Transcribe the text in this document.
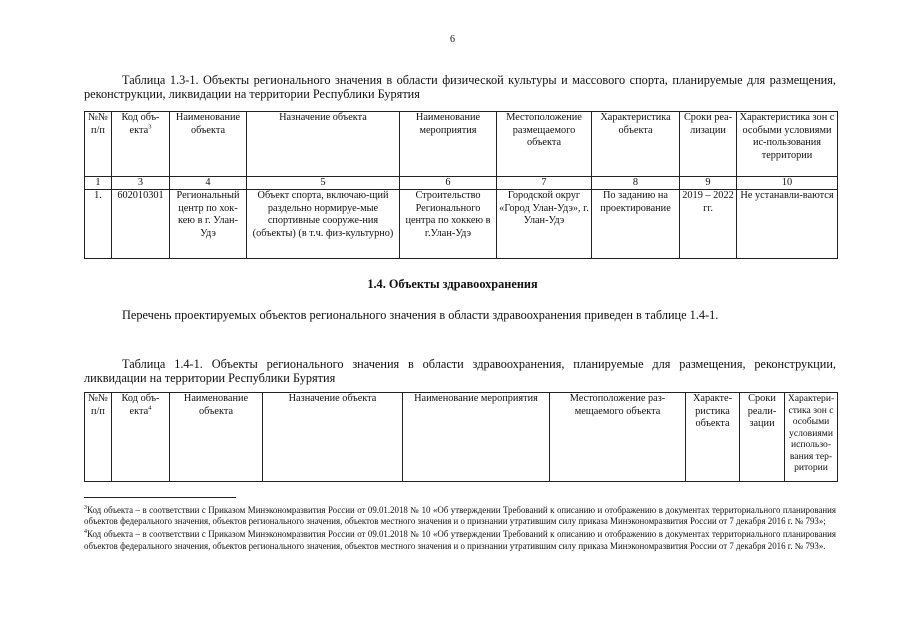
6
Таблица 1.3-1. Объекты регионального значения в области физической культуры и массового спорта, планируемые для размещения, реконструкции, ликвидации на территории Республики Бурятия
№№ п/п	Код объ-екта$^3$	Наименование объекта	Назначение объекта	Наименование мероприятия	Местоположение размещаемого объекта	Характеристика объекта	Сроки реа-лизации	Характеристика зон с особыми условиями ис-пользования территории
1	3	4	5	6	7	8	9	10
1.	602010301	Региональный центр по хок-кею в г. Улан-Удэ	Объект спорта, включаю-щий раздельно нормируе-мые спортивные сооруже-ния (объекты) (в т.ч. физ-культурно)	Строительство Регионального центра по хоккею в г.Улан-Удэ	Городской округ «Город Улан-Удэ», г. Улан-Удэ	По заданию на проектирование	2019 – 2022 гг.	Не устанавли-ваются
1.4. Объекты здравоохранения
Перечень проектируемых объектов регионального значения в области здравоохранения приведен в таблице 1.4-1.
Таблица 1.4-1. Объекты регионального значения в области здравоохранения, планируемые для размещения, реконструкции, ликвидации на территории Республики Бурятия
№№ п/п	Код объ-екта$^4$	Наименование объекта	Назначение объекта	Наименование мероприятия	Местоположение раз-мещаемого объекта	Характе-ристика объекта	Сроки реали-зации	Характери-стика зон с особыми условиями использо-вания тер-ритории
$^3$Код объекта – в соответствии с Приказом Минэкономразвития России от 09.01.2018 № 10 «Об утверждении Требований к описанию и отображению в документах территориального планирования объектов федерального значения, объектов регионального значения, объектов местного значения и о признании утратившим силу приказа Минэкономразвития России от 7 декабря 2016 г. № 793»;
$^4$Код объекта – в соответствии с Приказом Минэкономразвития России от 09.01.2018 № 10 «Об утверждении Требований к описанию и отображению в документах территориального планирования объектов федерального значения, объектов регионального значения, объектов местного значения и о признании утратившим силу приказа Минэкономразвития России от 7 декабря 2016 г. № 793».
